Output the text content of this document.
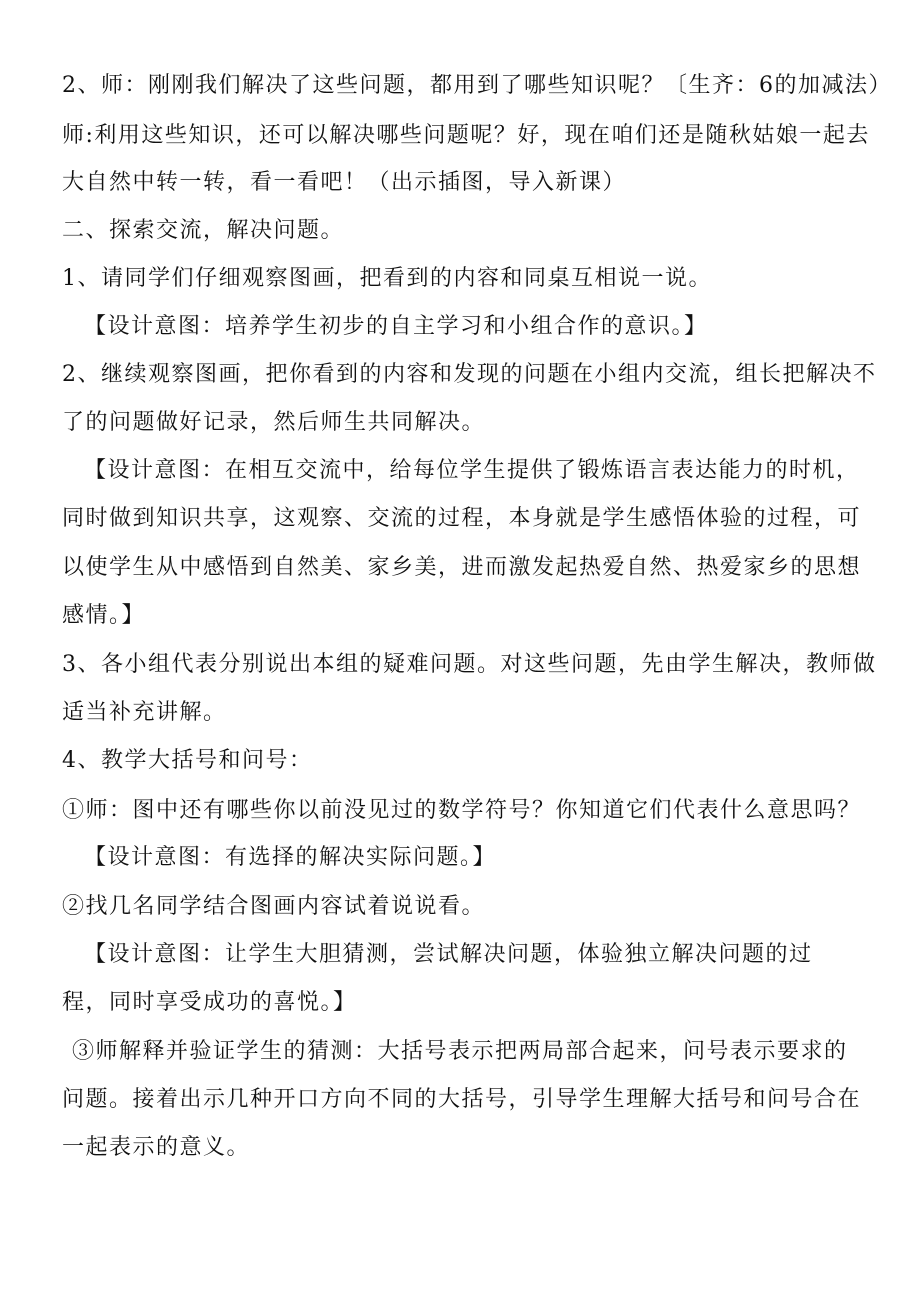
2、师：刚刚我们解决了这些问题，都用到了哪些知识呢？〔生齐：6的加减法）
师:利用这些知识，还可以解决哪些问题呢？好，现在咱们还是随秋姑娘一起去
大自然中转一转，看一看吧！（出示插图，导入新课）
二、探索交流，解决问题。
1、请同学们仔细观察图画，把看到的内容和同桌互相说一说。
【设计意图：培养学生初步的自主学习和小组合作的意识。】
2、继续观察图画，把你看到的内容和发现的问题在小组内交流，组长把解决不
了的问题做好记录，然后师生共同解决。
【设计意图：在相互交流中，给每位学生提供了锻炼语言表达能力的时机，
同时做到知识共享，这观察、交流的过程，本身就是学生感悟体验的过程，可
以使学生从中感悟到自然美、家乡美，进而激发起热爱自然、热爱家乡的思想
感情。】
3、各小组代表分别说出本组的疑难问题。对这些问题，先由学生解决，教师做
适当补充讲解。
4、教学大括号和问号：
①师：图中还有哪些你以前没见过的数学符号？你知道它们代表什么意思吗？
【设计意图：有选择的解决实际问题。】
②找几名同学结合图画内容试着说说看。
【设计意图：让学生大胆猜测，尝试解决问题，体验独立解决问题的过
程，同时享受成功的喜悦。】
③师解释并验证学生的猜测：大括号表示把两局部合起来，问号表示要求的
问题。接着出示几种开口方向不同的大括号，引导学生理解大括号和问号合在
一起表示的意义。
